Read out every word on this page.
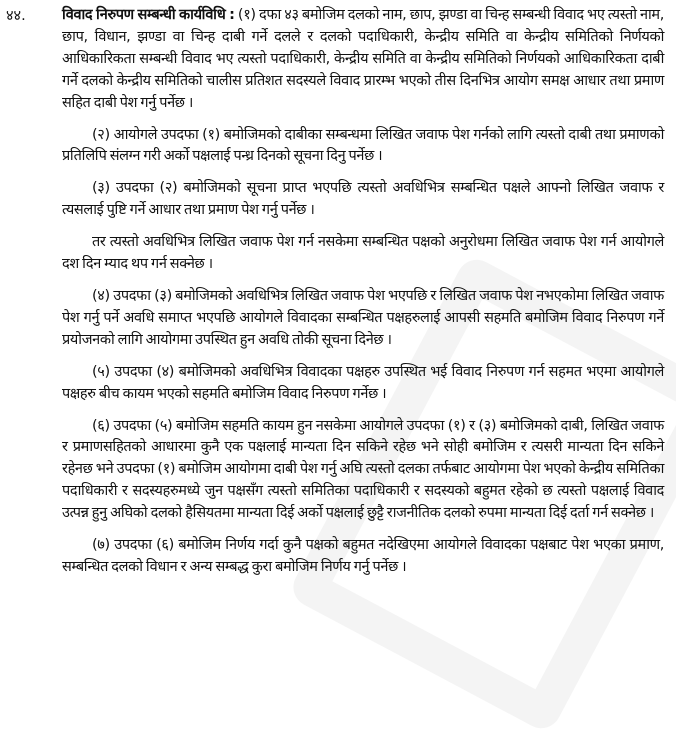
४४.	विवाद निरुपण सम्बन्धी कार्यविधि : (१) दफा ४३ बमोजिम दलको नाम, छाप, झण्डा वा चिन्ह सम्बन्धी विवाद भए त्यस्तो नाम, छाप, विधान, झण्डा वा चिन्ह दाबी गर्ने दलले र दलको पदाधिकारी, केन्द्रीय समिति वा केन्द्रीय समितिको निर्णयको आधिकारिकता सम्बन्धी विवाद भए त्यस्तो पदाधिकारी, केन्द्रीय समिति वा केन्द्रीय समितिको निर्णयको आधिकारिकता दाबी गर्ने दलको केन्द्रीय समितिको चालीस प्रतिशत सदस्यले विवाद प्रारम्भ भएको तीस दिनभित्र आयोग समक्ष आधार तथा प्रमाण सहित दाबी पेश गर्नु पर्नेछ ।

(२) आयोगले उपदफा (१) बमोजिमको दाबीका सम्बन्धमा लिखित जवाफ पेश गर्नको लागि त्यस्तो दाबी तथा प्रमाणको प्रतिलिपि संलग्न गरी अर्को पक्षलाई पन्ध्र दिनको सूचना दिनु पर्नेछ ।

(३) उपदफा (२) बमोजिमको सूचना प्राप्त भएपछि त्यस्तो अवधिभित्र सम्बन्धित पक्षले आफ्नो लिखित जवाफ र त्यसलाई पुष्टि गर्ने आधार तथा प्रमाण पेश गर्नु पर्नेछ ।

तर त्यस्तो अवधिभित्र लिखित जवाफ पेश गर्न नसकेमा सम्बन्धित पक्षको अनुरोधमा लिखित जवाफ पेश गर्न आयोगले दश दिन म्याद थप गर्न सक्नेछ ।

(४) उपदफा (३) बमोजिमको अवधिभित्र लिखित जवाफ पेश भएपछि र लिखित जवाफ पेश नभएकोमा लिखित जवाफ पेश गर्नु पर्ने अवधि समाप्त भएपछि आयोगले विवादका सम्बन्धित पक्षहरुलाई आपसी सहमति बमोजिम विवाद निरुपण गर्ने प्रयोजनको लागि आयोगमा उपस्थित हुन अवधि तोकी सूचना दिनेछ ।

(५) उपदफा (४) बमोजिमको अवधिभित्र विवादका पक्षहरु उपस्थित भई विवाद निरुपण गर्न सहमत भएमा आयोगले पक्षहरु बीच कायम भएको सहमति बमोजिम विवाद निरुपण गर्नेछ ।

(६) उपदफा (५) बमोजिम सहमति कायम हुन नसकेमा आयोगले उपदफा (१) र (३) बमोजिमको दाबी, लिखित जवाफ र प्रमाणसहितको आधारमा कुनै एक पक्षलाई मान्यता दिन सकिने रहेछ भने सोही बमोजिम र त्यसरी मान्यता दिन सकिने रहेनछ भने उपदफा (१) बमोजिम आयोगमा दाबी पेश गर्नु अघि त्यस्तो दलका तर्फबाट आयोगमा पेश भएको केन्द्रीय समितिका पदाधिकारी र सदस्यहरुमध्ये जुन पक्षसँग त्यस्तो समितिका पदाधिकारी र सदस्यको बहुमत रहेको छ त्यस्तो पक्षलाई विवाद उत्पन्न हुनु अघिको दलको हैसियतमा मान्यता दिई अर्को पक्षलाई छुट्टै राजनीतिक दलको रुपमा मान्यता दिई दर्ता गर्न सक्नेछ ।

(७) उपदफा (६) बमोजिम निर्णय गर्दा कुनै पक्षको बहुमत नदेखिएमा आयोगले विवादका पक्षबाट पेश भएका प्रमाण, सम्बन्धित दलको विधान र अन्य सम्बद्ध कुरा बमोजिम निर्णय गर्नु पर्नेछ ।
